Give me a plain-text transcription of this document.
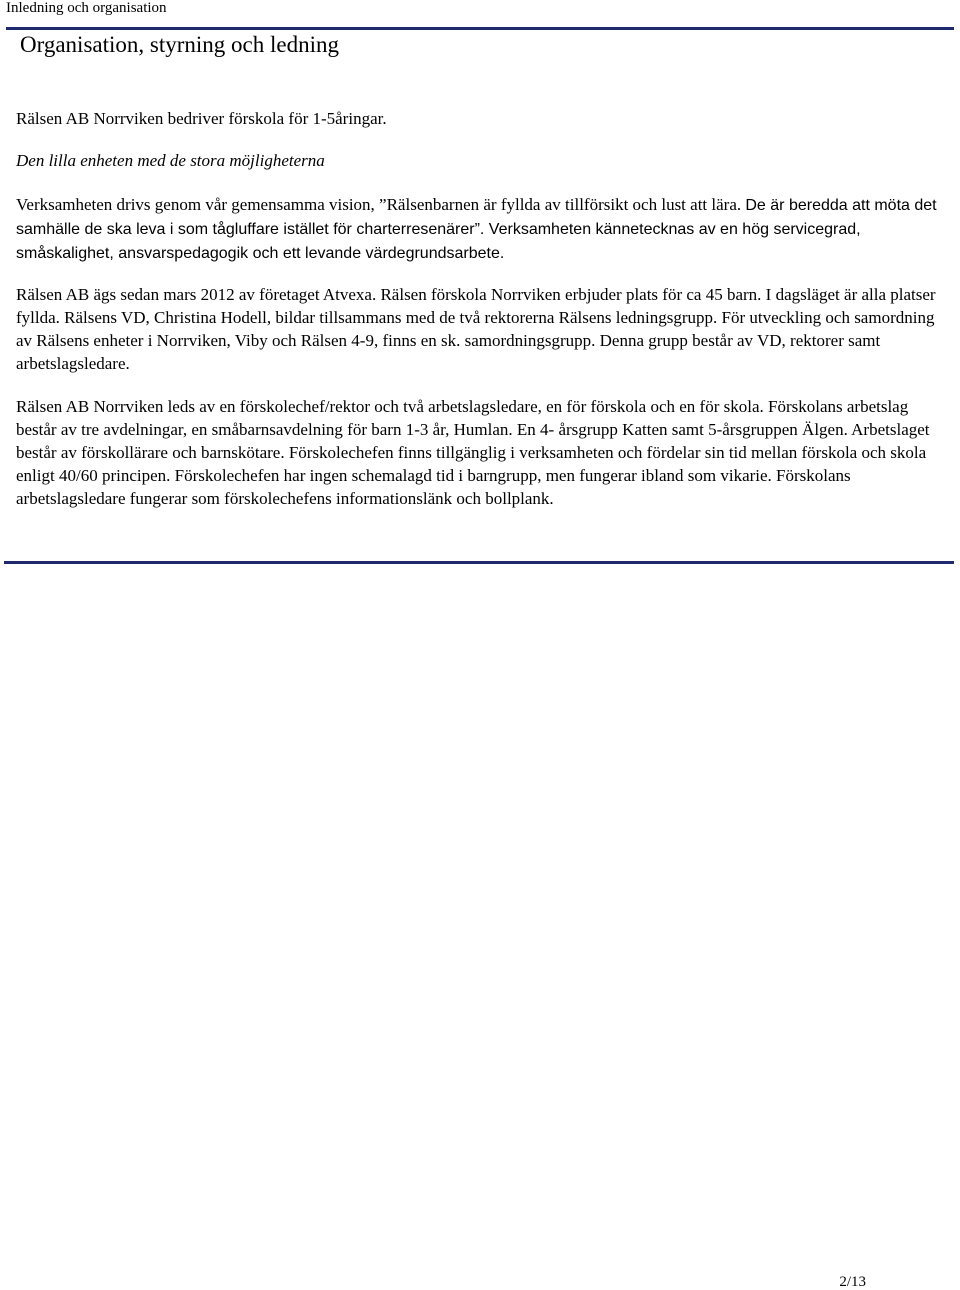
Inledning och organisation
Organisation, styrning och ledning

Rälsen AB Norrviken bedriver förskola för 1-5åringar.

Den lilla enheten med de stora möjligheterna

Verksamheten drivs genom vår gemensamma vision, ”Rälsenbarnen är fyllda av tillförsikt och lust att lära. De är beredda att möta det samhälle de ska leva i som tågluffare istället för charterresenärer”. Verksamheten kännetecknas av en hög servicegrad, småskalighet, ansvarspedagogik och ett levande värdegrundsarbete.

Rälsen AB ägs sedan mars 2012 av företaget Atvexa. Rälsen förskola Norrviken erbjuder plats för ca 45 barn. I dagsläget är alla platser fyllda. Rälsens VD, Christina Hodell, bildar tillsammans med de två rektorerna Rälsens ledningsgrupp. För utveckling och samordning av Rälsens enheter i Norrviken, Viby och Rälsen 4-9, finns en sk. samordningsgrupp. Denna grupp består av VD, rektorer samt arbetslagsledare.

Rälsen AB Norrviken leds av en förskolechef/rektor och två arbetslagsledare, en för förskola och en för skola. Förskolans arbetslag består av tre avdelningar, en småbarnsavdelning för barn 1-3 år, Humlan. En 4- årsgrupp Katten samt 5-årsgruppen Älgen. Arbetslaget består av förskollärare och barnskötare. Förskolechefen finns tillgänglig i verksamheten och fördelar sin tid mellan förskola och skola enligt 40/60 principen. Förskolechefen har ingen schemalagd tid i barngrupp, men fungerar ibland som vikarie. Förskolans arbetslagsledare fungerar som förskolechefens informationslänk och bollplank.

2/13
